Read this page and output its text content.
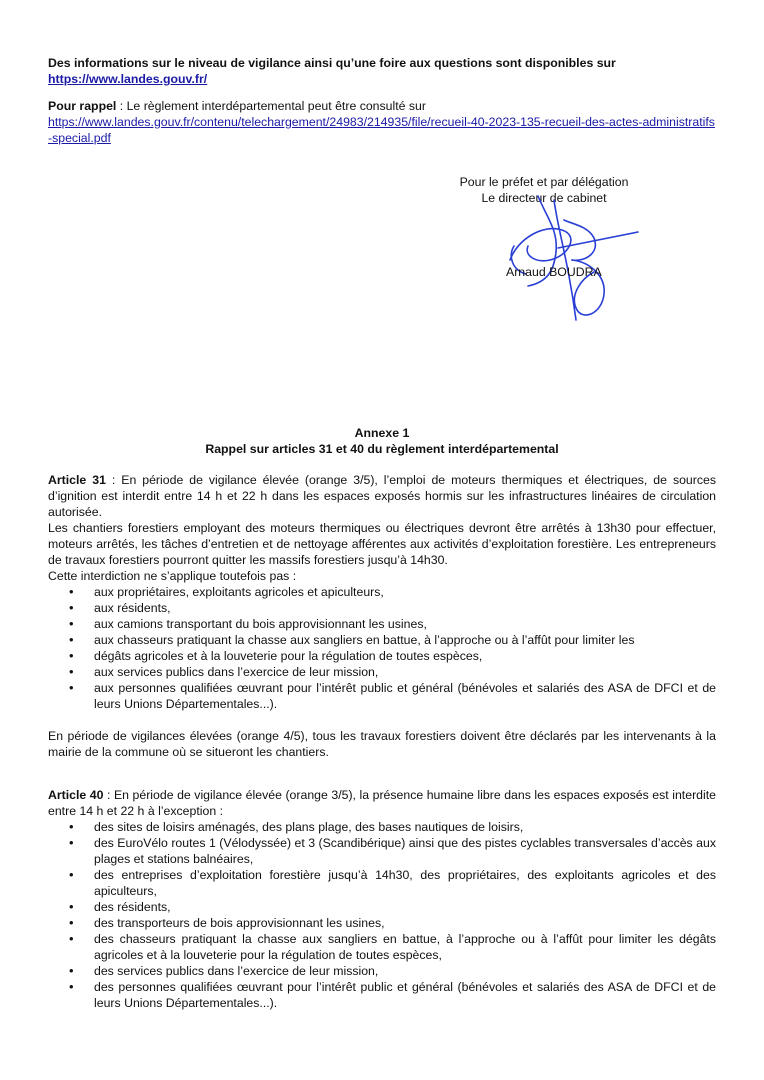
Des informations sur le niveau de vigilance ainsi qu’une foire aux questions sont disponibles sur
https://www.landes.gouv.fr/
Pour rappel : Le règlement interdépartemental peut être consulté sur
https://www.landes.gouv.fr/contenu/telechargement/24983/214935/file/recueil-40-2023-135-recueil-des-actes-administratifs-special.pdf
Pour le préfet et par délégation
Le directeur de cabinet
Arnaud BOUDRA
Annexe 1
Rappel sur articles 31 et 40 du règlement interdépartemental
Article 31 : En période de vigilance élevée (orange 3/5), l’emploi de moteurs thermiques et électriques, de sources d’ignition est interdit entre 14 h et 22 h dans les espaces exposés hormis sur les infrastructures linéaires de circulation autorisée.
Les chantiers forestiers employant des moteurs thermiques ou électriques devront être arrêtés à 13h30 pour effectuer, moteurs arrêtés, les tâches d’entretien et de nettoyage afférentes aux activités d’exploitation forestière. Les entrepreneurs de travaux forestiers pourront quitter les massifs forestiers jusqu’à 14h30.
Cette interdiction ne s’applique toutefois pas :
• aux propriétaires, exploitants agricoles et apiculteurs,
• aux résidents,
• aux camions transportant du bois approvisionnant les usines,
• aux chasseurs pratiquant la chasse aux sangliers en battue, à l’approche ou à l’affût pour limiter les
• dégâts agricoles et à la louveterie pour la régulation de toutes espèces,
• aux services publics dans l’exercice de leur mission,
• aux personnes qualifiées œuvrant pour l’intérêt public et général (bénévoles et salariés des ASA de DFCI et de leurs Unions Départementales...).
En période de vigilances élevées (orange 4/5), tous les travaux forestiers doivent être déclarés par les intervenants à la mairie de la commune où se situeront les chantiers.
Article 40 : En période de vigilance élevée (orange 3/5), la présence humaine libre dans les espaces exposés est interdite entre 14 h et 22 h à l’exception :
• des sites de loisirs aménagés, des plans plage, des bases nautiques de loisirs,
• des EuroVélo routes 1 (Vélodyssée) et 3 (Scandibérique) ainsi que des pistes cyclables transversales d’accès aux plages et stations balnéaires,
• des entreprises d’exploitation forestière jusqu’à 14h30, des propriétaires, des exploitants agricoles et des apiculteurs,
• des résidents,
• des transporteurs de bois approvisionnant les usines,
• des chasseurs pratiquant la chasse aux sangliers en battue, à l’approche ou à l’affût pour limiter les dégâts agricoles et à la louveterie pour la régulation de toutes espèces,
• des services publics dans l’exercice de leur mission,
• des personnes qualifiées œuvrant pour l’intérêt public et général (bénévoles et salariés des ASA de DFCI et de leurs Unions Départementales...).
